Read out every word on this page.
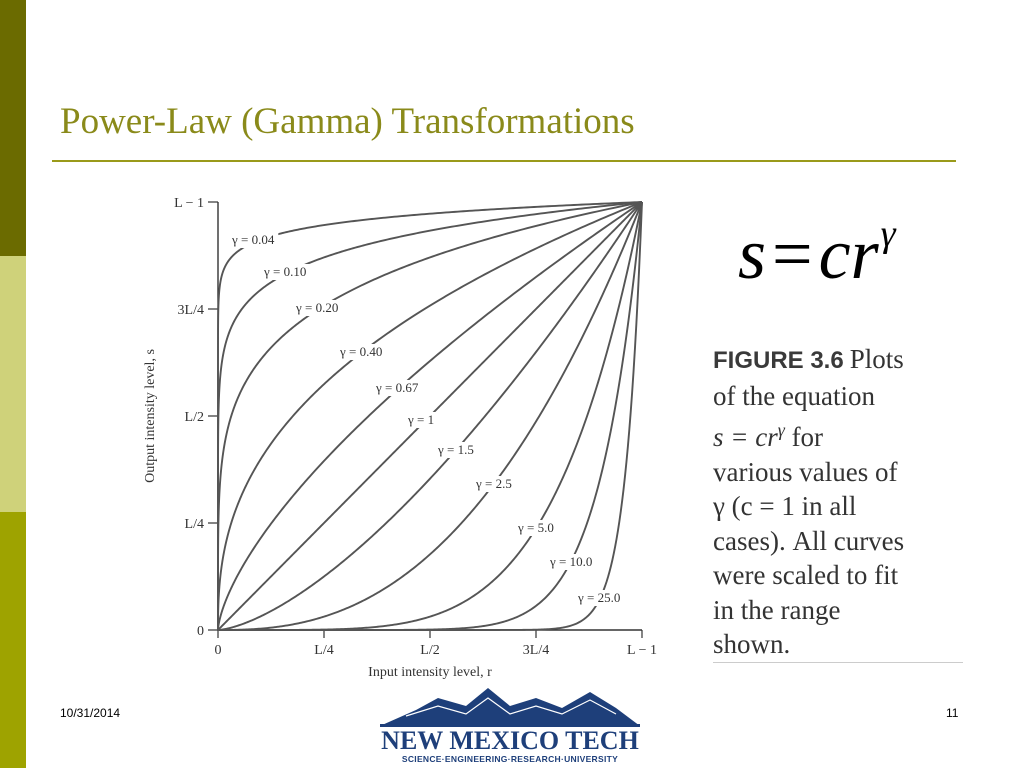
Power-Law (Gamma) Transformations
0
L/4
L/2
3L/4
L − 1
0	L/4	L/2	3L/4	L − 1
Input intensity level, r
Output intensity level, s
γ = 0.04
γ = 0.10
γ = 0.20
γ = 0.40
γ = 0.67
γ = 1
γ = 1.5
γ = 2.5
γ = 5.0
γ = 10.0
γ = 25.0
$s=cr^\gamma$
FIGURE 3.6 Plots
of the equation
$s = cr^\gamma$ for
various values of
γ (c = 1 in all
cases). All curves
were scaled to fit
in the range
shown.
10/31/2014	11
NEW MEXICO TECH
SCIENCE·ENGINEERING·RESEARCH·UNIVERSITY
